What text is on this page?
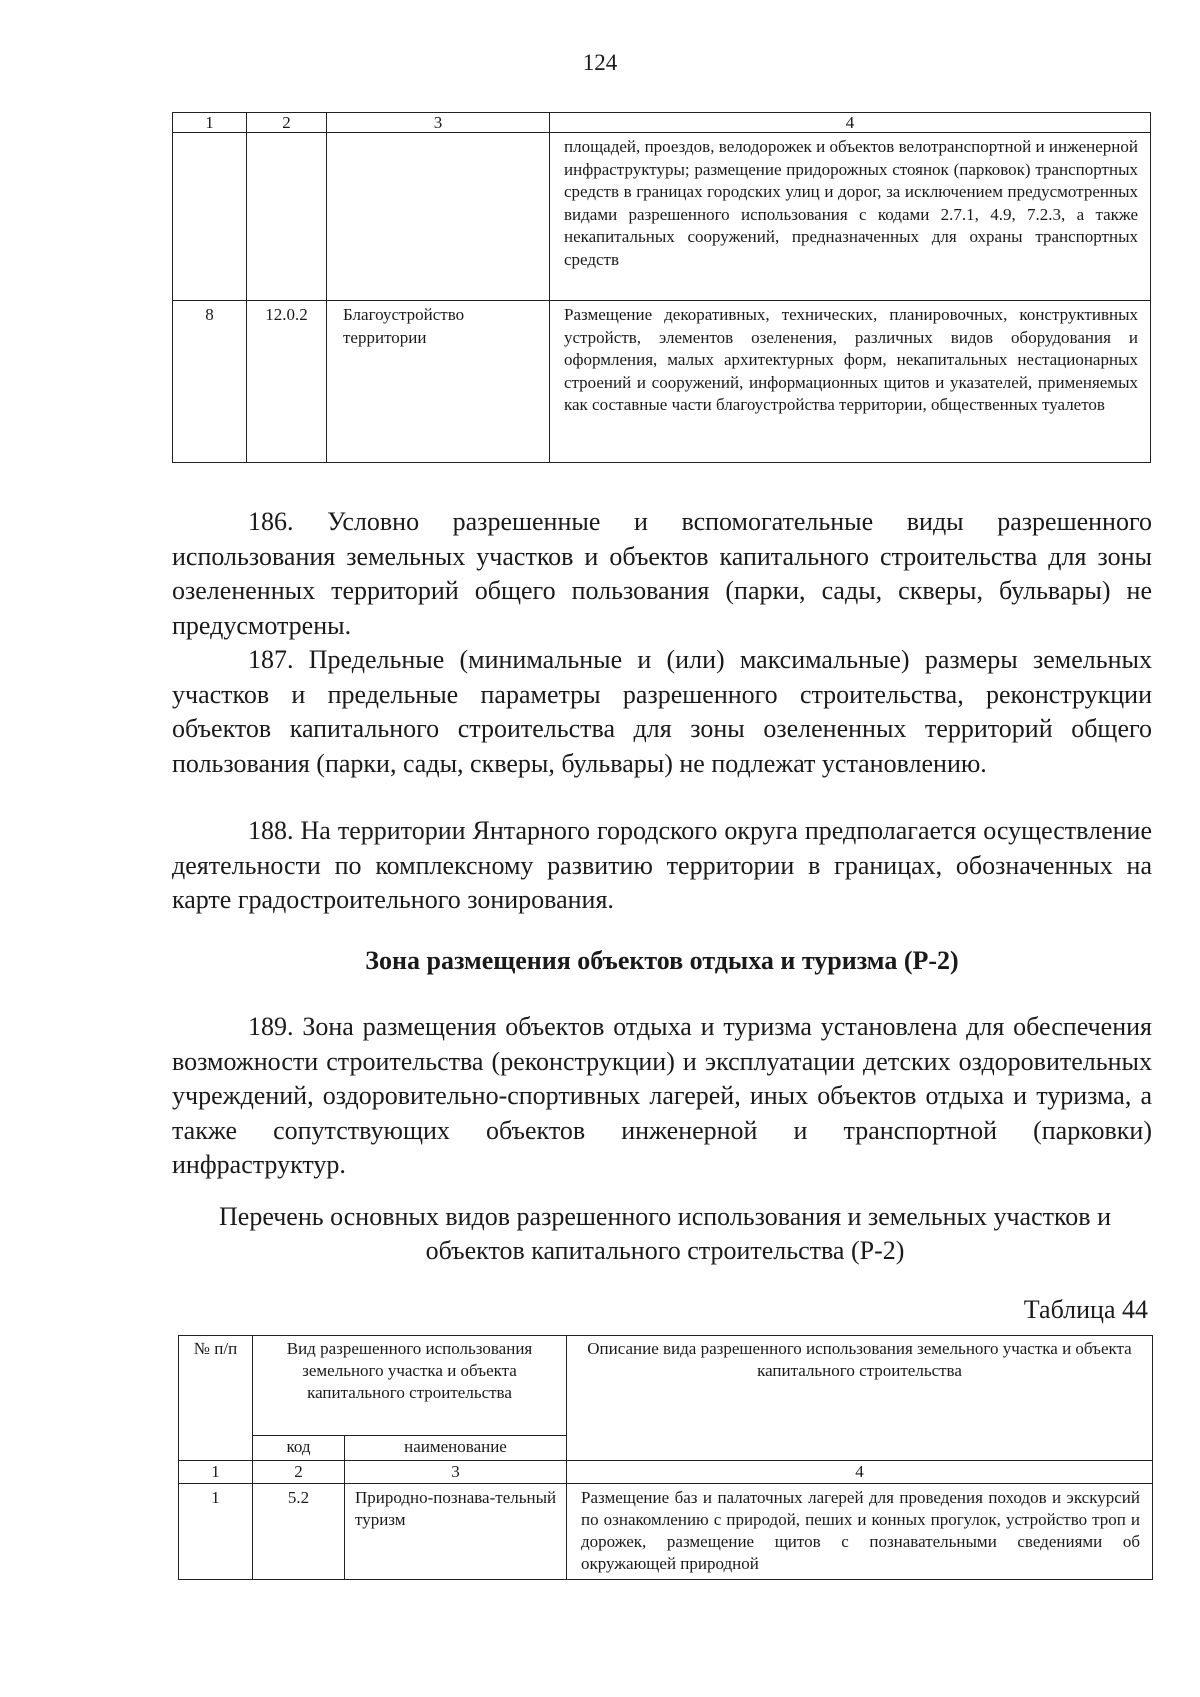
124
1	2	3	4
			площадей, проездов, велодорожек и объектов велотранспортной и инженерной инфраструктуры; размещение придорожных стоянок (парковок) транспортных средств в границах городских улиц и дорог, за исключением предусмотренных видами разрешенного использования с кодами 2.7.1, 4.9, 7.2.3, а также некапитальных сооружений, предназначенных для охраны транспортных средств
8	12.0.2	Благоустройство территории	Размещение декоративных, технических, планировочных, конструктивных устройств, элементов озеленения, различных видов оборудования и оформления, малых архитектурных форм, некапитальных нестационарных строений и сооружений, информационных щитов и указателей, применяемых как составные части благоустройства территории, общественных туалетов
186. Условно разрешенные и вспомогательные виды разрешенного использования земельных участков и объектов капитального строительства для зоны озелененных территорий общего пользования (парки, сады, скверы, бульвары) не предусмотрены.
187. Предельные (минимальные и (или) максимальные) размеры земельных участков и предельные параметры разрешенного строительства, реконструкции объектов капитального строительства для зоны озелененных территорий общего пользования (парки, сады, скверы, бульвары) не подлежат установлению.
188. На территории Янтарного городского округа предполагается осуществление деятельности по комплексному развитию территории в границах, обозначенных на карте градостроительного зонирования.
Зона размещения объектов отдыха и туризма (Р-2)
189. Зона размещения объектов отдыха и туризма установлена для обеспечения возможности строительства (реконструкции) и эксплуатации детских оздоровительных учреждений, оздоровительно-спортивных лагерей, иных объектов отдыха и туризма, а также сопутствующих объектов инженерной и транспортной (парковки) инфраструктур.
Перечень основных видов разрешенного использования и земельных участков и объектов капитального строительства (Р-2)
Таблица 44
№ п/п	Вид разрешенного использования земельного участка и объекта капитального строительства		Описание вида разрешенного использования земельного участка и объекта капитального строительства
	код	наименование	
1	2	3	4
1	5.2	Природно-познава-тельный туризм	Размещение баз и палаточных лагерей для проведения походов и экскурсий по ознакомлению с природой, пеших и конных прогулок, устройство троп и дорожек, размещение щитов с познавательными сведениями об окружающей природной
